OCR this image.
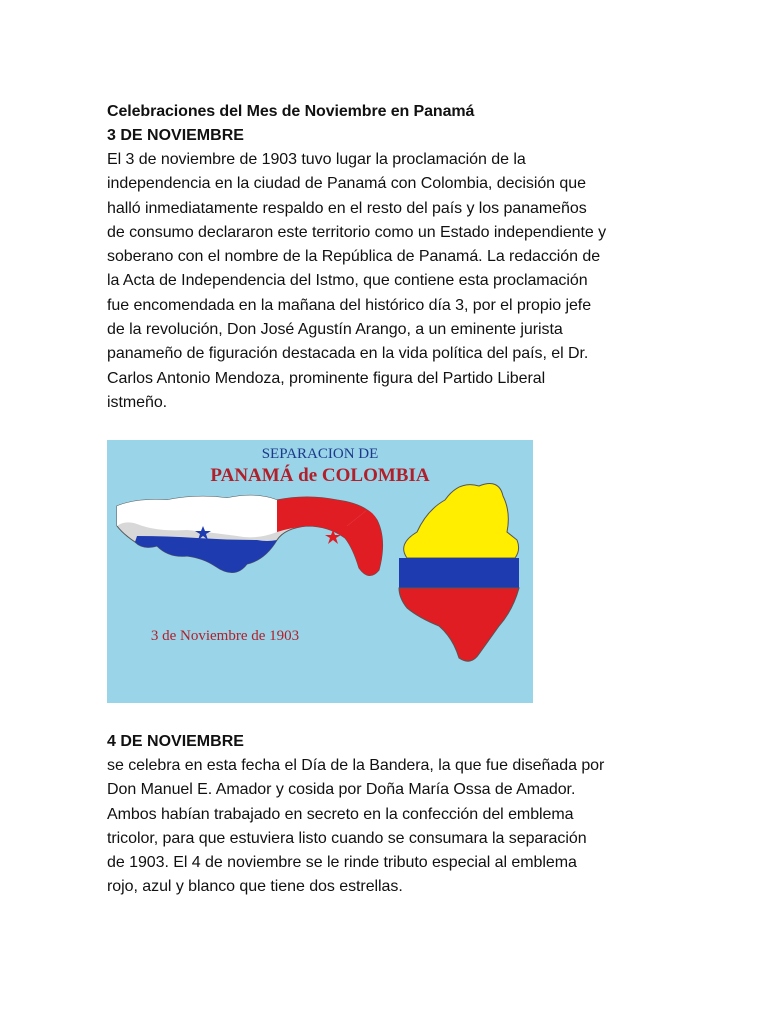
Celebraciones del Mes de Noviembre en Panamá

3 DE NOVIEMBRE

El 3 de noviembre de 1903 tuvo lugar la proclamación de la
independencia en la ciudad de Panamá con Colombia, decisión que
halló inmediatamente respaldo en el resto del país y los panameños
de consumo declararon este territorio como un Estado independiente y
soberano con el nombre de la República de Panamá. La redacción de
la Acta de Independencia del Istmo, que contiene esta proclamación
fue encomendada en la mañana del histórico día 3, por el propio jefe
de la revolución, Don José Agustín Arango, a un eminente jurista
panameño de figuración destacada en la vida política del país, el Dr.
Carlos Antonio Mendoza, prominente figura del Partido Liberal
istmeño.

SEPARACION DE
PANAMÁ de COLOMBIA
3 de Noviembre de 1903

4 DE NOVIEMBRE

se celebra en esta fecha el Día de la Bandera, la que fue diseñada por
Don Manuel E. Amador y cosida por Doña María Ossa de Amador.
Ambos habían trabajado en secreto en la confección del emblema
tricolor, para que estuviera listo cuando se consumara la separación
de 1903. El 4 de noviembre se le rinde tributo especial al emblema
rojo, azul y blanco que tiene dos estrellas.
